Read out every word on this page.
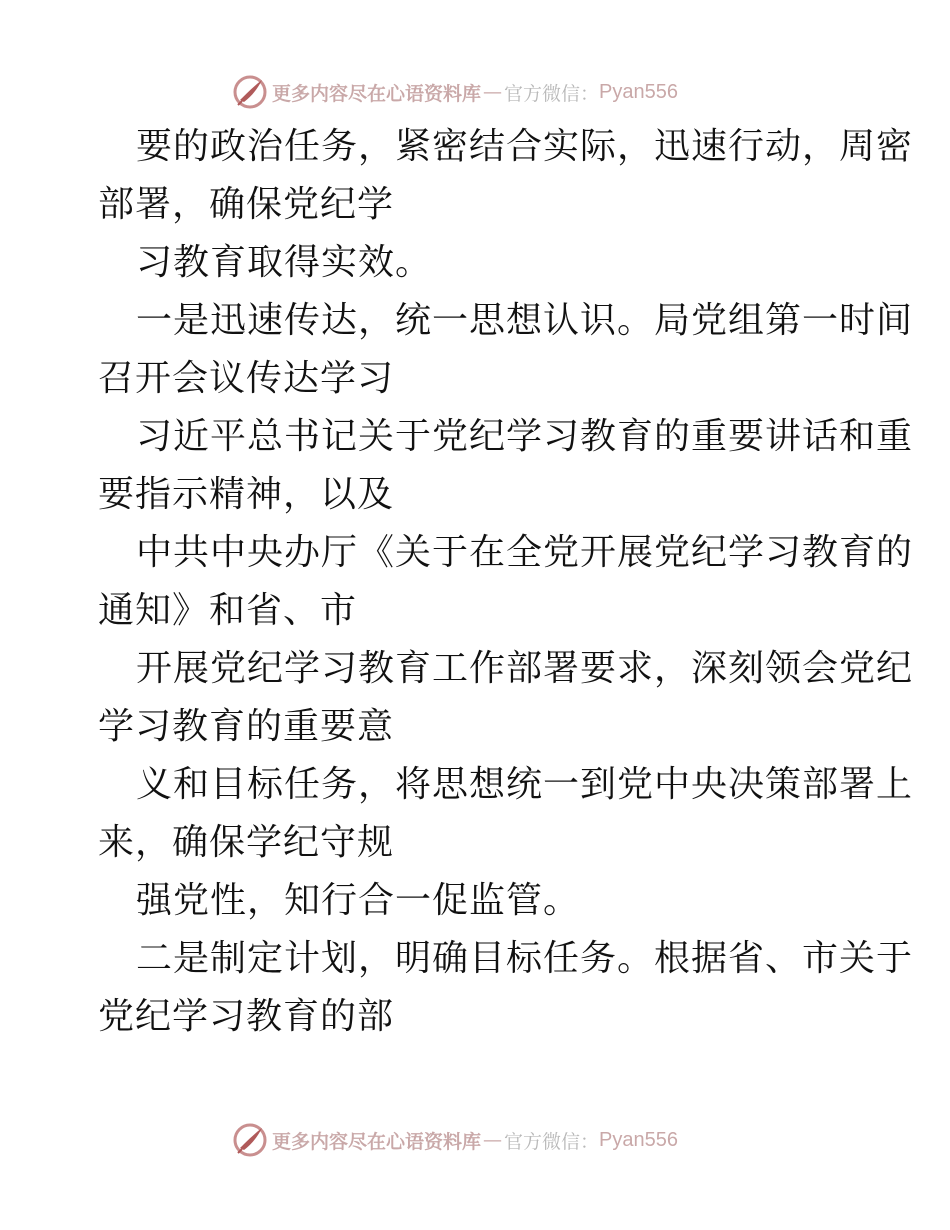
更多内容尽在心语资料库 — 官方微信： Pyan556
要的政治任务，紧密结合实际，迅速行动，周密
部署，确保党纪学
习教育取得实效。
一是迅速传达，统一思想认识。局党组第一时间
召开会议传达学习
习近平总书记关于党纪学习教育的重要讲话和重
要指示精神，以及
中共中央办厅《关于在全党开展党纪学习教育的
通知》和省、市
开展党纪学习教育工作部署要求，深刻领会党纪
学习教育的重要意
义和目标任务，将思想统一到党中央决策部署上
来，确保学纪守规
强党性，知行合一促监管。
二是制定计划，明确目标任务。根据省、市关于
党纪学习教育的部
更多内容尽在心语资料库 — 官方微信： Pyan556
